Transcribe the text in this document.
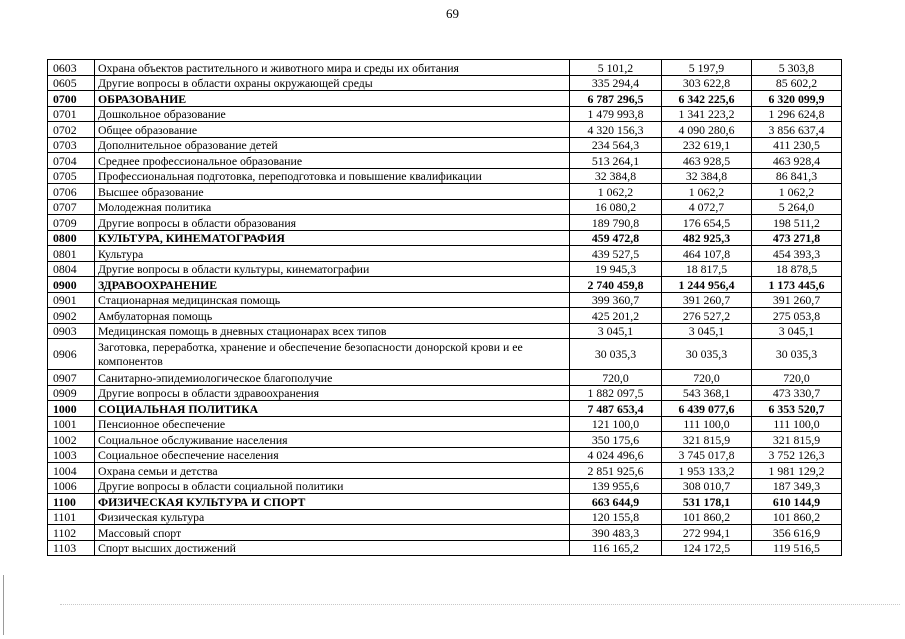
69
0603	Охрана объектов растительного и животного мира и среды их обитания	5 101,2	5 197,9	5 303,8
0605	Другие вопросы в области охраны окружающей среды	335 294,4	303 622,8	85 602,2
0700	ОБРАЗОВАНИЕ	6 787 296,5	6 342 225,6	6 320 099,9
0701	Дошкольное образование	1 479 993,8	1 341 223,2	1 296 624,8
0702	Общее образование	4 320 156,3	4 090 280,6	3 856 637,4
0703	Дополнительное образование детей	234 564,3	232 619,1	411 230,5
0704	Среднее профессиональное образование	513 264,1	463 928,5	463 928,4
0705	Профессиональная подготовка, переподготовка и повышение квалификации	32 384,8	32 384,8	86 841,3
0706	Высшее образование	1 062,2	1 062,2	1 062,2
0707	Молодежная политика	16 080,2	4 072,7	5 264,0
0709	Другие вопросы в области образования	189 790,8	176 654,5	198 511,2
0800	КУЛЬТУРА, КИНЕМАТОГРАФИЯ	459 472,8	482 925,3	473 271,8
0801	Культура	439 527,5	464 107,8	454 393,3
0804	Другие вопросы в области культуры, кинематографии	19 945,3	18 817,5	18 878,5
0900	ЗДРАВООХРАНЕНИЕ	2 740 459,8	1 244 956,4	1 173 445,6
0901	Стационарная медицинская помощь	399 360,7	391 260,7	391 260,7
0902	Амбулаторная помощь	425 201,2	276 527,2	275 053,8
0903	Медицинская помощь в дневных стационарах всех типов	3 045,1	3 045,1	3 045,1
0906	Заготовка, переработка, хранение и обеспечение безопасности донорской крови и ее компонентов	30 035,3	30 035,3	30 035,3
0907	Санитарно-эпидемиологическое благополучие	720,0	720,0	720,0
0909	Другие вопросы в области здравоохранения	1 882 097,5	543 368,1	473 330,7
1000	СОЦИАЛЬНАЯ ПОЛИТИКА	7 487 653,4	6 439 077,6	6 353 520,7
1001	Пенсионное обеспечение	121 100,0	111 100,0	111 100,0
1002	Социальное обслуживание населения	350 175,6	321 815,9	321 815,9
1003	Социальное обеспечение населения	4 024 496,6	3 745 017,8	3 752 126,3
1004	Охрана семьи и детства	2 851 925,6	1 953 133,2	1 981 129,2
1006	Другие вопросы в области социальной политики	139 955,6	308 010,7	187 349,3
1100	ФИЗИЧЕСКАЯ КУЛЬТУРА И СПОРТ	663 644,9	531 178,1	610 144,9
1101	Физическая культура	120 155,8	101 860,2	101 860,2
1102	Массовый спорт	390 483,3	272 994,1	356 616,9
1103	Спорт высших достижений	116 165,2	124 172,5	119 516,5
